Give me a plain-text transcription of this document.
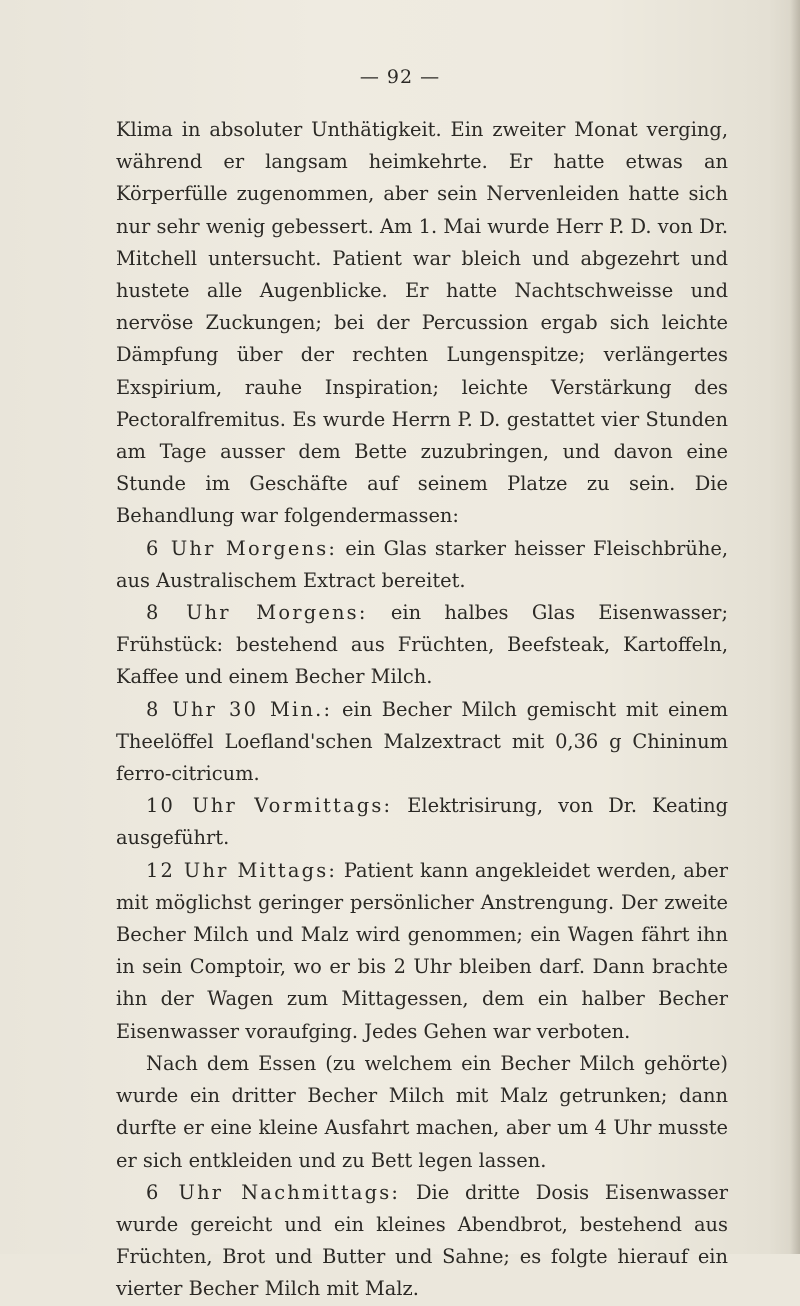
— 92 —

Klima in absoluter Unthätigkeit. Ein zweiter Monat verging, während er langsam heimkehrte. Er hatte etwas an Körperfülle zugenommen, aber sein Nervenleiden hatte sich nur sehr wenig gebessert. Am 1. Mai wurde Herr P. D. von Dr. Mitchell untersucht. Patient war bleich und abgezehrt und hustete alle Augenblicke. Er hatte Nachtschweisse und nervöse Zuckungen; bei der Percussion ergab sich leichte Dämpfung über der rechten Lungenspitze; verlängertes Exspirium, rauhe Inspiration; leichte Verstärkung des Pectoralfremitus. Es wurde Herrn P. D. gestattet vier Stunden am Tage ausser dem Bette zuzubringen, und davon eine Stunde im Geschäfte auf seinem Platze zu sein. Die Behandlung war folgendermassen:

6 Uhr Morgens: ein Glas starker heisser Fleischbrühe, aus Australischem Extract bereitet.

8 Uhr Morgens: ein halbes Glas Eisenwasser; Frühstück: bestehend aus Früchten, Beefsteak, Kartoffeln, Kaffee und einem Becher Milch.

8 Uhr 30 Min.: ein Becher Milch gemischt mit einem Theelöffel Loefland'schen Malzextract mit 0,36 g Chininum ferro-citricum.

10 Uhr Vormittags: Elektrisirung, von Dr. Keating ausgeführt.

12 Uhr Mittags: Patient kann angekleidet werden, aber mit möglichst geringer persönlicher Anstrengung. Der zweite Becher Milch und Malz wird genommen; ein Wagen fährt ihn in sein Comptoir, wo er bis 2 Uhr bleiben darf. Dann brachte ihn der Wagen zum Mittagessen, dem ein halber Becher Eisenwasser voraufging. Jedes Gehen war verboten.

Nach dem Essen (zu welchem ein Becher Milch gehörte) wurde ein dritter Becher Milch mit Malz getrunken; dann durfte er eine kleine Ausfahrt machen, aber um 4 Uhr musste er sich entkleiden und zu Bett legen lassen.

6 Uhr Nachmittags: Die dritte Dosis Eisenwasser wurde gereicht und ein kleines Abendbrot, bestehend aus Früchten, Brot und Butter und Sahne; es folgte hierauf ein vierter Becher Milch mit Malz.
